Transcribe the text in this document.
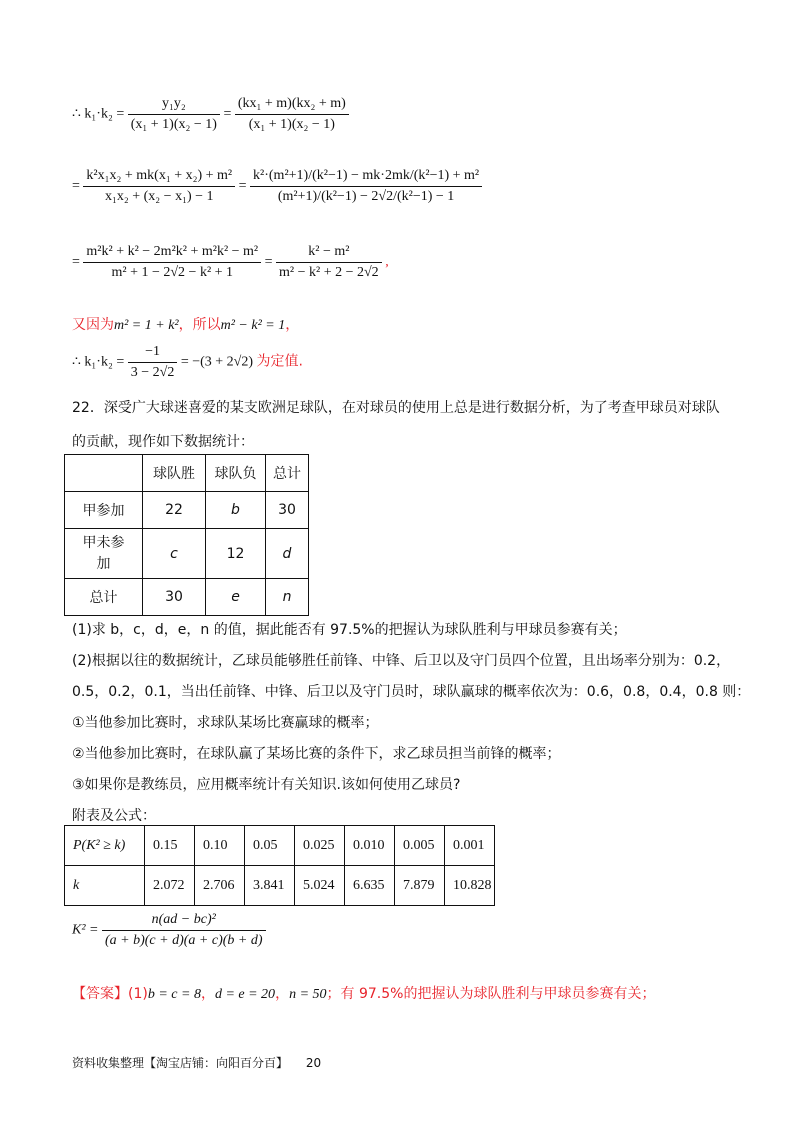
∴ $k_1\cdot k_2 = \frac{\text{y₁y₂}}{\text{(x₁ + 1)(x₂ − 1)}} = \frac{\text{(kx₁ + m)(kx₂ + m)}}{\text{(x₁ + 1)(x₂ − 1)}}$
= $\frac{\text{k²x₁x₂ + mk(x₁ + x₂) + m²}}{\text{x₁x₂ + (x₂ − x₁) − 1}} = \frac{\text{k²·(m²+1)/(k²−1) − mk·2mk/(k²−1) + m²}}{\text{(m²+1)/(k²−1) − 2√2/(k²−1) − 1}}$
= $\frac{\text{m²k² + k² − 2m²k² + m²k² − m²}}{\text{m² + 1 − 2√2 − k² + 1}} = \frac{\text{k² − m²}}{\text{m² − k² + 2 − 2√2}}$ ,
又因为m² = 1 + k²，所以m² − k² = 1，
∴ $k_1\cdot k_2 = \frac{-1}{3 - 2√2} = -(3 + 2√2)$ 为定值.
22．深受广大球迷喜爱的某支欧洲足球队，在对球员的使用上总是进行数据分析，为了考查甲球员对球队
的贡献，现作如下数据统计：
	球队胜	球队负	总计
甲参加	22	b	30
甲未参加	c	12	d
总计	30	e	n
(1)求 b，c，d，e，n 的值，据此能否有 97.5%的把握认为球队胜利与甲球员参赛有关；
(2)根据以往的数据统计，乙球员能够胜任前锋、中锋、后卫以及守门员四个位置，且出场率分别为：0.2，
0.5，0.2，0.1，当出任前锋、中锋、后卫以及守门员时，球队赢球的概率依次为：0.6，0.8，0.4，0.8 则：
①当他参加比赛时，求球队某场比赛赢球的概率；
②当他参加比赛时，在球队赢了某场比赛的条件下，求乙球员担当前锋的概率；
③如果你是教练员，应用概率统计有关知识.该如何使用乙球员?
附表及公式：
P(K² ≥ k)	0.15	0.10	0.05	0.025	0.010	0.005	0.001
k	2.072	2.706	3.841	5.024	6.635	7.879	10.828
$K^2 = \frac{\text{n(ad − bc)²}}{(a + b)(c + d)(a + c)(b + d)}$
【答案】(1)b = c = 8，d = e = 20，n = 50；有 97.5%的把握认为球队胜利与甲球员参赛有关；
资料收集整理【淘宝店铺：向阳百分百】 20
